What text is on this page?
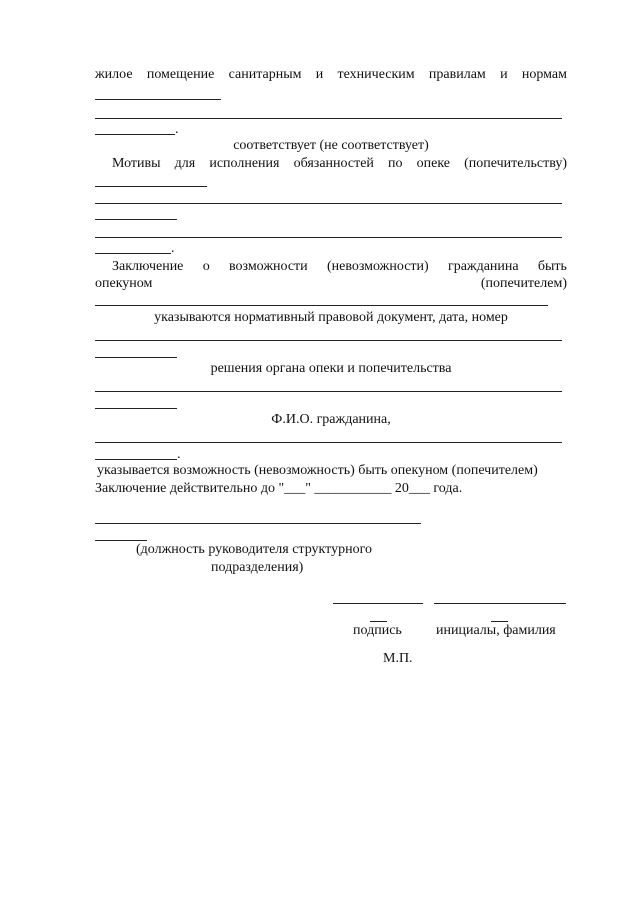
жилое помещение санитарным и техническим правилам и нормам
.
соответствует (не соответствует)
Мотивы для исполнения обязанностей по опеке (попечительству)
.
Заключение о возможности (невозможности) гражданина быть
опекуном	(попечителем)
указываются нормативный правовой документ, дата, номер
решения органа опеки и попечительства
Ф.И.О. гражданина,
.
указывается возможность (невозможность) быть опекуном (попечителем)
Заключение действительно до "___" ___________ 20___ года.
(должность руководителя структурного
подразделения)
подпись инициалы, фамилия
М.П.
